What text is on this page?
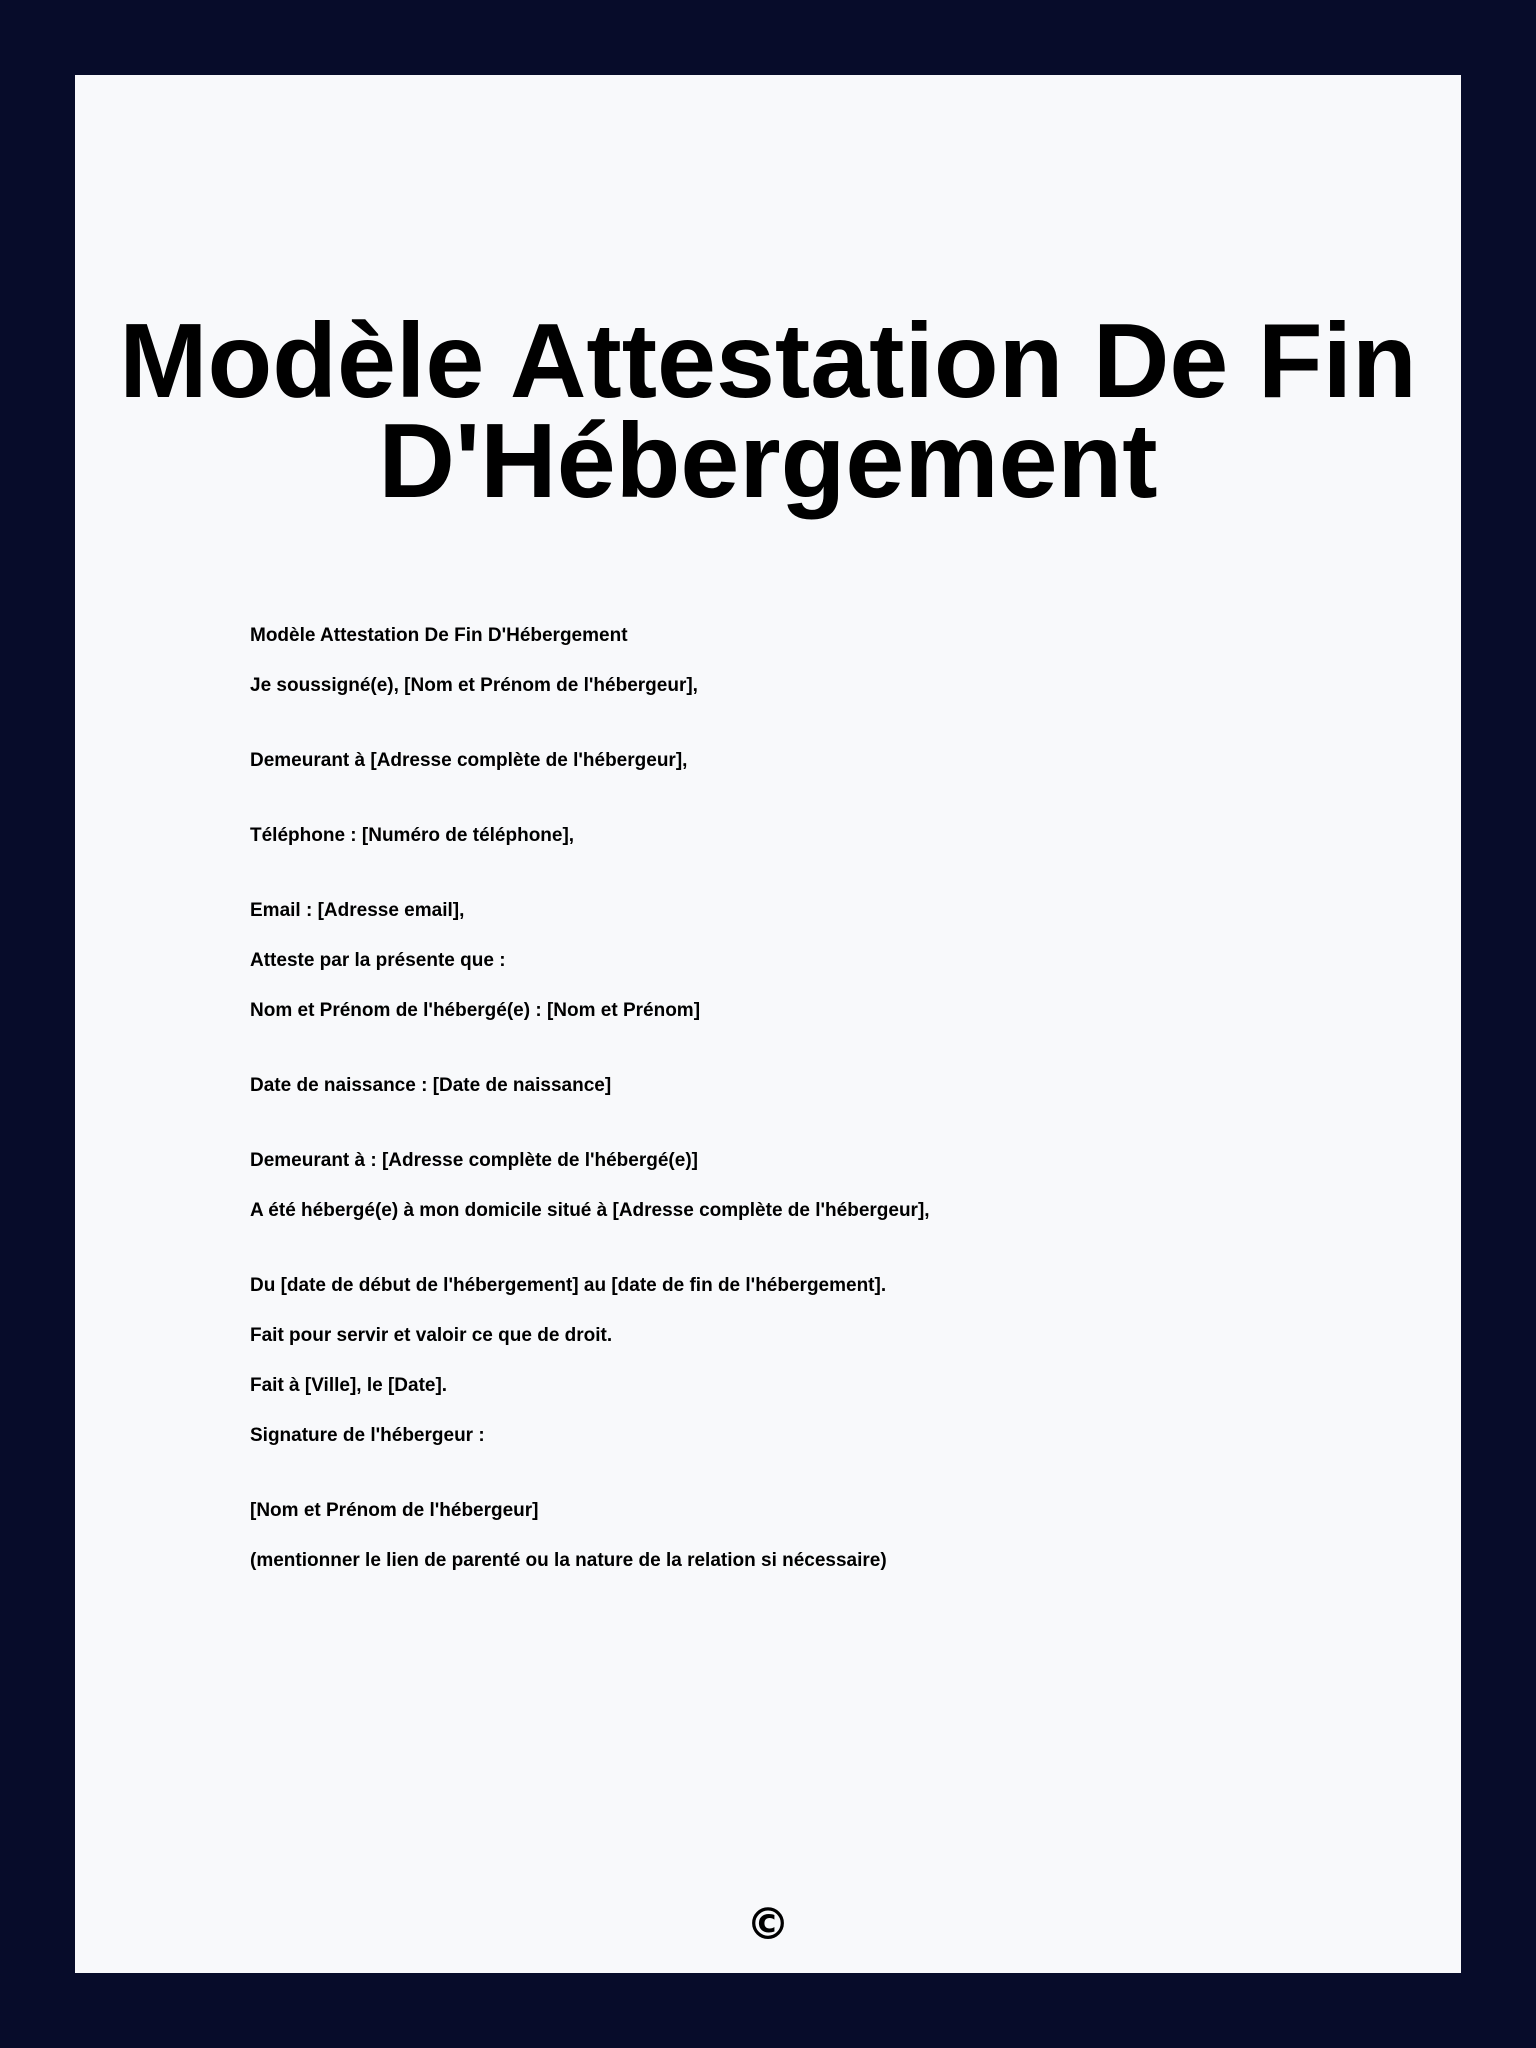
Modèle Attestation De Fin
D'Hébergement
Modèle Attestation De Fin D'Hébergement
Je soussigné(e), [Nom et Prénom de l'hébergeur],
Demeurant à [Adresse complète de l'hébergeur],
Téléphone : [Numéro de téléphone],
Email : [Adresse email],
Atteste par la présente que :
Nom et Prénom de l'hébergé(e) : [Nom et Prénom]
Date de naissance : [Date de naissance]
Demeurant à : [Adresse complète de l'hébergé(e)]
A été hébergé(e) à mon domicile situé à [Adresse complète de l'hébergeur],
Du [date de début de l'hébergement] au [date de fin de l'hébergement].
Fait pour servir et valoir ce que de droit.
Fait à [Ville], le [Date].
Signature de l'hébergeur :
[Nom et Prénom de l'hébergeur]
(mentionner le lien de parenté ou la nature de la relation si nécessaire)
©
